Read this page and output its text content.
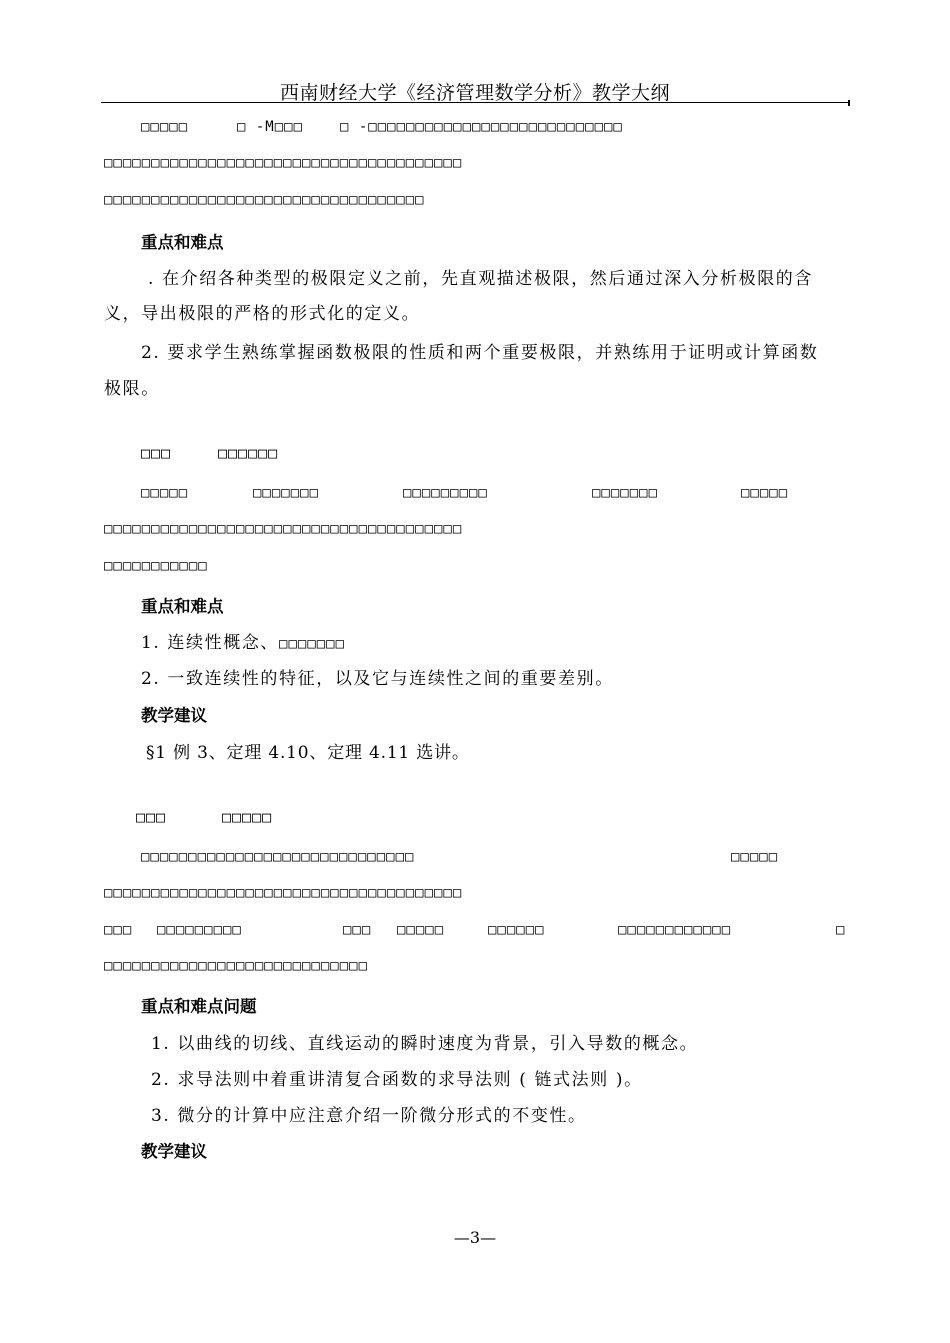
西南财经大学《经济管理数学分析》教学大纲
□□□□□	□ -M□□□	□ -□□□□□□□□□□□□□□□□□□□□□□□□□□□
□□□□□□□□□□□□□□□□□□□□□□□□□□□□□□□□□□□□□□
□□□□□□□□□□□□□□□□□□□□□□□□□□□□□□□□□□
重点和难点
. 在介绍各种类型的极限定义之前，先直观描述极限，然后通过深入分析极限的含
义，导出极限的严格的形式化的定义。
2. 要求学生熟练掌握函数极限的性质和两个重要极限，并熟练用于证明或计算函数
极限。
□□□	□□□□□□
□□□□□	□□□□□□□	□□□□□□□□□	□□□□□□□	□□□□□
□□□□□□□□□□□□□□□□□□□□□□□□□□□□□□□□□□□□□□
□□□□□□□□□□□
重点和难点
1. 连续性概念、□□□□□□□
2. 一致连续性的特征，以及它与连续性之间的重要差别。
教学建议
§1 例 3、定理 4.10、定理 4.11 选讲。
□□□	□□□□□
□□□□□□□□□□□□□□□□□□□□□□□□□□□□□	□□□□□
□□□□□□□□□□□□□□□□□□□□□□□□□□□□□□□□□□□□□□
□□□ □□□□□□□□□	□□□ □□□□□	□□□□□□	□□□□□□□□□□□□	□
□□□□□□□□□□□□□□□□□□□□□□□□□□□□
重点和难点问题
1. 以曲线的切线、直线运动的瞬时速度为背景，引入导数的概念。
2. 求导法则中着重讲清复合函数的求导法则 ( 链式法则 )。
3. 微分的计算中应注意介绍一阶微分形式的不变性。
教学建议
—3—
